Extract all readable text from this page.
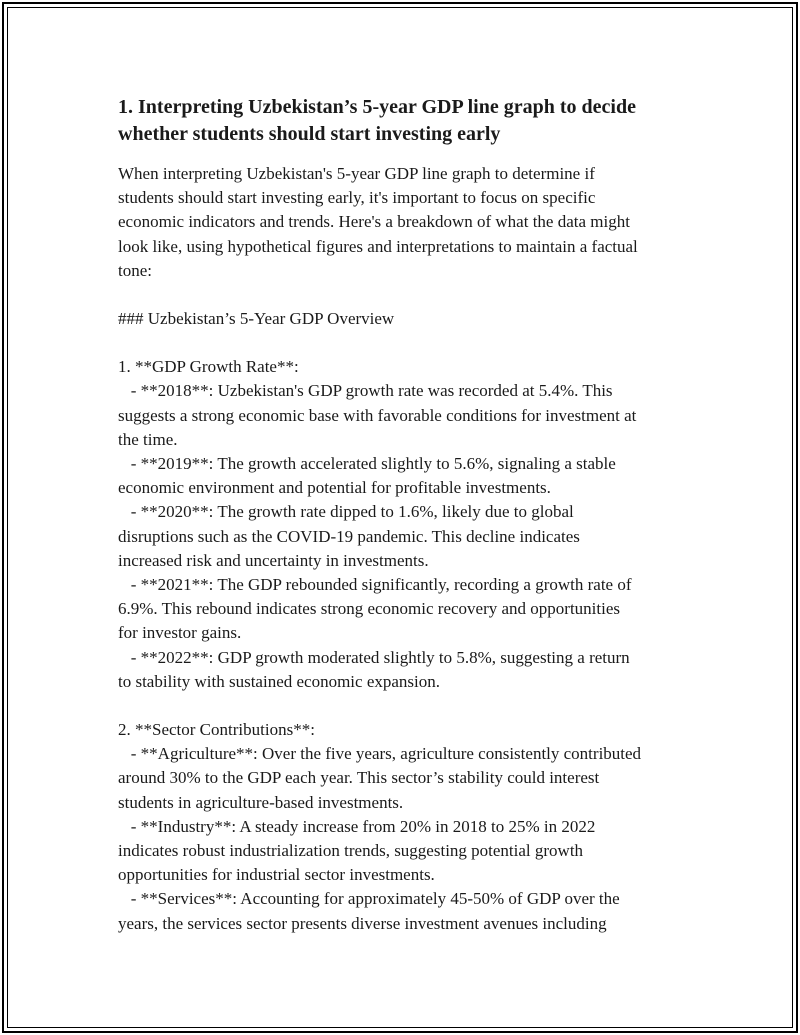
1. Interpreting Uzbekistan’s 5-year GDP line graph to decide
whether students should start investing early
When interpreting Uzbekistan's 5-year GDP line graph to determine if
students should start investing early, it's important to focus on specific
economic indicators and trends. Here's a breakdown of what the data might
look like, using hypothetical figures and interpretations to maintain a factual
tone:
### Uzbekistan’s 5-Year GDP Overview
1. **GDP Growth Rate**:
- **2018**: Uzbekistan's GDP growth rate was recorded at 5.4%. This
suggests a strong economic base with favorable conditions for investment at
the time.
- **2019**: The growth accelerated slightly to 5.6%, signaling a stable
economic environment and potential for profitable investments.
- **2020**: The growth rate dipped to 1.6%, likely due to global
disruptions such as the COVID-19 pandemic. This decline indicates
increased risk and uncertainty in investments.
- **2021**: The GDP rebounded significantly, recording a growth rate of
6.9%. This rebound indicates strong economic recovery and opportunities
for investor gains.
- **2022**: GDP growth moderated slightly to 5.8%, suggesting a return
to stability with sustained economic expansion.
2. **Sector Contributions**:
- **Agriculture**: Over the five years, agriculture consistently contributed
around 30% to the GDP each year. This sector’s stability could interest
students in agriculture-based investments.
- **Industry**: A steady increase from 20% in 2018 to 25% in 2022
indicates robust industrialization trends, suggesting potential growth
opportunities for industrial sector investments.
- **Services**: Accounting for approximately 45-50% of GDP over the
years, the services sector presents diverse investment avenues including
